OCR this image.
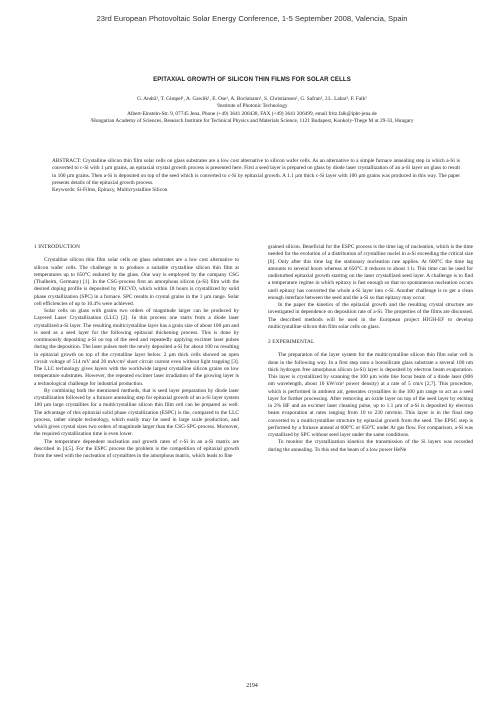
23rd European Photovoltaic Solar Energy Conference, 1-5 September 2008, Valencia, Spain
EPITAXIAL GROWTH OF SILICON THIN FILMS FOR SOLAR CELLS
G. Andrä¹, T. Gimpel¹, A. Gawlik¹, E. Ose¹, A. Bochmann¹, S. Christiansen¹, G. Safran², J.L. Labar², F. Falk¹
¹Institute of Photonic Technology
Albert-Einstein-Str. 9, 07745 Jena, Phone (+49) 3641 206438, FAX (+49) 3641 206499, email fritz.falk@ipht-jena.de
²Hungarian Academy of Sciences, Research Institute for Technical Physics and Materials Science, 1121 Budapest, Konkoly-Thege M ut 29-33, Hungary
ABSTRACT: Crystalline silicon thin film solar cells on glass substrates are a low cost alternative to silicon wafer cells. As an alternative to a simple furnace annealing step in which a-Si is converted to c-Si with 1 µm grains, an epitaxial crystal growth process is presented here. First a seed layer is prepared on glass by diode laser crystallization of an a-Si layer on glass to result in 100 µm grains. Then a-Si is deposited on top of the seed which is converted to c-Si by epitaxial growth. A 1.1 µm thick c-Si layer with 100 µm grains was produced in this way. The paper presents details of the epitaxial growth process.
Keywords: Si-Films, Epitaxy, Multicrystalline Silicon
1 INTRODUCTION

Crystalline silicon thin film solar cells on glass substrates are a low cost alternative to silicon wafer cells. The challenge is to produce a suitable crystalline silicon thin film at temperatures up to 650°C endured by the glass. One way is employed by the company CSG (Thalheim, Germany) [1]. In the CSG-process first an amorphous silicon (a-Si) film with the desired doping profile is deposited by PECVD, which within 18 hours is crystallized by solid phase crystallization (SPC) in a furnace. SPC results in crystal grains in the 1 µm range. Solar cell efficiencies of up to 10.4% were achieved.

Solar cells on glass with grains two orders of magnitude larger can be produced by Layered Laser Crystallization (LLC) [2]. In this process one starts from a diode laser crystallized a-Si layer. The resulting multicrystalline layer has a grain size of about 100 µm and is used as a seed layer for the following epitaxial thickening process. This is done by continuously depositing a-Si on top of the seed and repeatedly applying excimer laser pulses during the deposition. The laser pulses melt the newly deposited a-Si for about 100 ns resulting in epitaxial growth on top of the crystalline layer below. 2 µm thick cells showed an open circuit voltage of 514 mV and 20 mA/cm² short circuit current even without light trapping [3]. The LLC technology gives layers with the worldwide largest crystalline silicon grains on low temperature substrates. However, the repeated excimer laser irradiation of the growing layer is a technological challenge for industrial production.

By combining both the mentioned methods, that is seed layer preparation by diode laser crystallization followed by a furnace annealing step for epitaxial growth of an a-Si layer system 100 µm large crystallites for a multicrystalline silicon thin film cell can be prepared as well. The advantage of this epitaxial solid phase crystallization (ESPC) is the, compared to the LLC process, rather simple technology, which easily may be used in large scale production, and which gives crystal sizes two orders of magnitude larger than the CSG-SPC-process. Moreover, the required crystallization time is even lower.

The temperature dependent nucleation and growth rates of c-Si in an a-Si matrix are described in [4,5]. For the ESPC process the problem is the competition of epitaxial growth from the seed with the nucleation of crystallites in the amorphous matrix, which leads to fine

grained silicon. Beneficial for the ESPC process is the time lag of nucleation, which is the time needed for the evolution of a distribution of crystalline nuclei in a-Si exceeding the critical size [6]. Only after this time lag the stationary nucleation rate applies. At 600°C the time lag amounts to several hours whereas at 650°C it reduces to about 1 h. This time can be used for undisturbed epitaxial growth starting on the laser crystallized seed layer. A challenge is to find a temperature regime in which epitaxy is fast enough so that no spontaneous nucleation occurs until epitaxy has converted the whole a-Si layer into c-Si. Another challenge is to get a clean enough interface between the seed and the a-Si so that epitaxy may occur.

In the paper the kinetics of the epitaxial growth and the resulting crystal structure are investigated in dependence on deposition rate of a-Si. The properties of the films are discussed. The described methods will be used in the European project HIGH-EF to develop multicrystalline silicon thin film solar cells on glass.

2 EXPERIMENTAL

The preparation of the layer system for the multicrystalline silicon thin film solar cell is done in the following way. In a first step onto a borosilicate glass substrate a several 100 nm thick hydrogen free amorphous silicon (a-Si) layer is deposited by electron beam evaporation. This layer is crystallized by scanning the 100 µm wide line focus beam of a diode laser (806 nm wavelength, about 10 kW/cm² power density) at a rate of 5 cm/s [2,7]. This procedure, which is performed in ambient air, generates crystallites in the 100 µm range to act as a seed layer for further processing. After removing an oxide layer on top of the seed layer by etching in 2% HF and an excimer laser cleaning pulse, up to 1.1 µm of a-Si is deposited by electron beam evaporation at rates ranging from 10 to 230 nm/min. This layer is in the final step converted to a multicrystalline structure by epitaxial growth from the seed. The EPSC step is performed by a furnace anneal at 600°C or 650°C under Ar gas flow. For comparison, a-Si was crystallized by SPC without seed layer under the same conditions.

To monitor the crystallization kinetics the transmission of the Si layers was recorded during the annealing. To this end the beam of a low power HeNe

2194
